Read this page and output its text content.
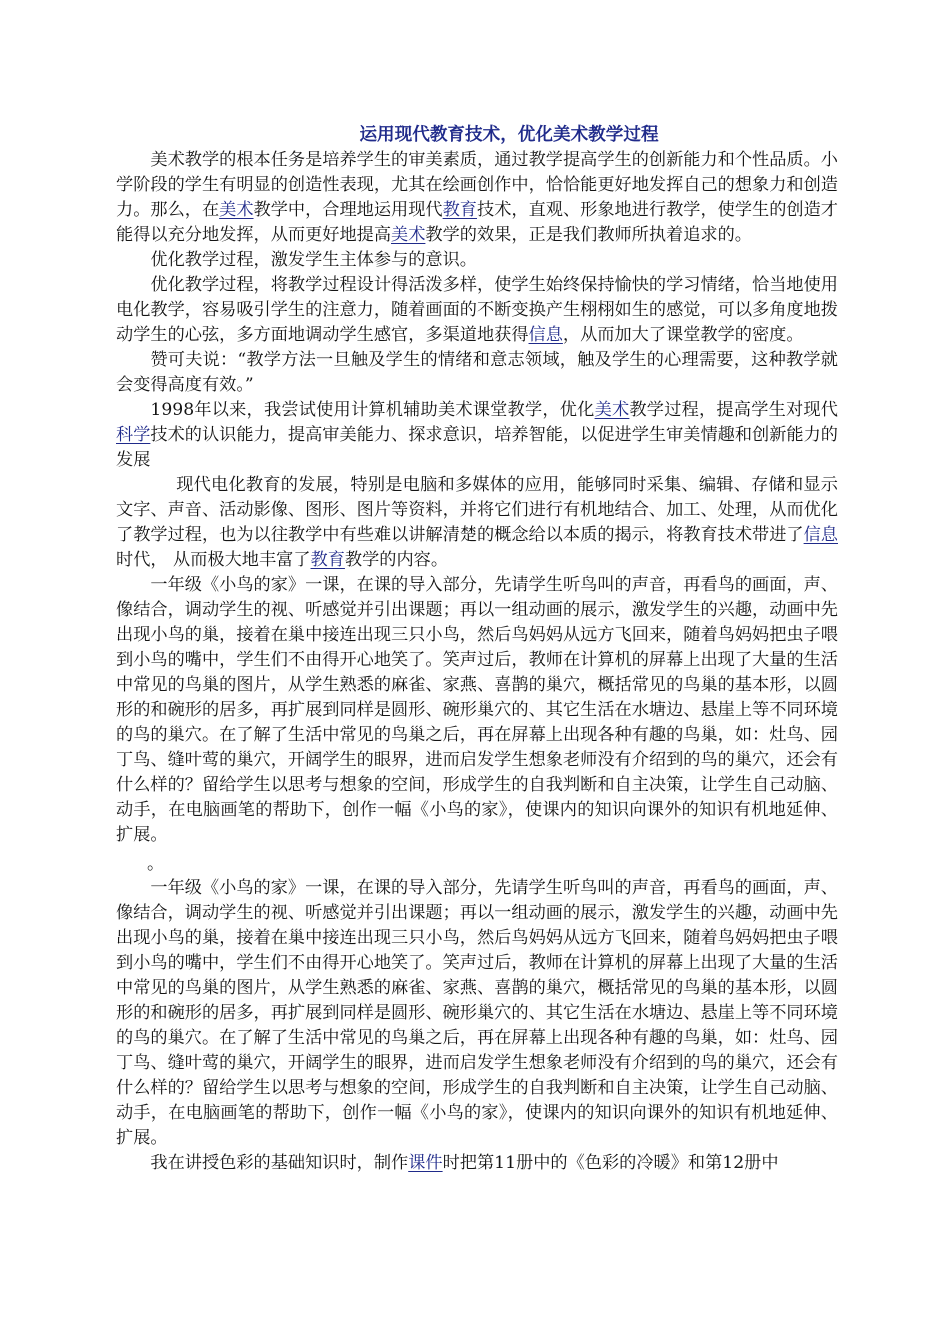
运用现代教育技术，优化美术教学过程

美术教学的根本任务是培养学生的审美素质，通过教学提高学生的创新能力和个性品质。小学阶段的学生有明显的创造性表现，尤其在绘画创作中，恰恰能更好地发挥自己的想象力和创造力。那么，在美术教学中，合理地运用现代教育技术，直观、形象地进行教学，使学生的创造才能得以充分地发挥，从而更好地提高美术教学的效果，正是我们教师所执着追求的。

优化教学过程，激发学生主体参与的意识。

优化教学过程，将教学过程设计得活泼多样，使学生始终保持愉快的学习情绪，恰当地使用电化教学，容易吸引学生的注意力，随着画面的不断变换产生栩栩如生的感觉，可以多角度地拨动学生的心弦，多方面地调动学生感官，多渠道地获得信息，从而加大了课堂教学的密度。

赞可夫说：“教学方法一旦触及学生的情绪和意志领域，触及学生的心理需要，这种教学就会变得高度有效。”

1998年以来，我尝试使用计算机辅助美术课堂教学，优化美术教学过程，提高学生对现代科学技术的认识能力，提高审美能力、探求意识，培养智能，以促进学生审美情趣和创新能力的发展

现代电化教育的发展，特别是电脑和多媒体的应用，能够同时采集、编辑、存储和显示文字、声音、活动影像、图形、图片等资料，并将它们进行有机地结合、加工、处理，从而优化了教学过程，也为以往教学中有些难以讲解清楚的概念给以本质的揭示，将教育技术带进了信息时代， 从而极大地丰富了教育教学的内容。

一年级《小鸟的家》一课，在课的导入部分，先请学生听鸟叫的声音，再看鸟的画面，声、像结合，调动学生的视、听感觉并引出课题；再以一组动画的展示，激发学生的兴趣，动画中先出现小鸟的巢，接着在巢中接连出现三只小鸟，然后鸟妈妈从远方飞回来，随着鸟妈妈把虫子喂到小鸟的嘴中，学生们不由得开心地笑了。笑声过后，教师在计算机的屏幕上出现了大量的生活中常见的鸟巢的图片，从学生熟悉的麻雀、家燕、喜鹊的巢穴，概括常见的鸟巢的基本形，以圆形的和碗形的居多，再扩展到同样是圆形、碗形巢穴的、其它生活在水塘边、悬崖上等不同环境的鸟的巢穴。在了解了生活中常见的鸟巢之后，再在屏幕上出现各种有趣的鸟巢，如：灶鸟、园丁鸟、缝叶莺的巢穴，开阔学生的眼界，进而启发学生想象老师没有介绍到的鸟的巢穴，还会有什么样的？留给学生以思考与想象的空间，形成学生的自我判断和自主决策，让学生自己动脑、动手，在电脑画笔的帮助下，创作一幅《小鸟的家》，使课内的知识向课外的知识有机地延伸、扩展。

。

一年级《小鸟的家》一课，在课的导入部分，先请学生听鸟叫的声音，再看鸟的画面，声、像结合，调动学生的视、听感觉并引出课题；再以一组动画的展示，激发学生的兴趣，动画中先出现小鸟的巢，接着在巢中接连出现三只小鸟，然后鸟妈妈从远方飞回来，随着鸟妈妈把虫子喂到小鸟的嘴中，学生们不由得开心地笑了。笑声过后，教师在计算机的屏幕上出现了大量的生活中常见的鸟巢的图片，从学生熟悉的麻雀、家燕、喜鹊的巢穴，概括常见的鸟巢的基本形，以圆形的和碗形的居多，再扩展到同样是圆形、碗形巢穴的、其它生活在水塘边、悬崖上等不同环境的鸟的巢穴。在了解了生活中常见的鸟巢之后，再在屏幕上出现各种有趣的鸟巢，如：灶鸟、园丁鸟、缝叶莺的巢穴，开阔学生的眼界，进而启发学生想象老师没有介绍到的鸟的巢穴，还会有什么样的？留给学生以思考与想象的空间，形成学生的自我判断和自主决策，让学生自己动脑、动手，在电脑画笔的帮助下，创作一幅《小鸟的家》，使课内的知识向课外的知识有机地延伸、扩展。

我在讲授色彩的基础知识时，制作课件时把第11册中的《色彩的冷暖》和第12册中
